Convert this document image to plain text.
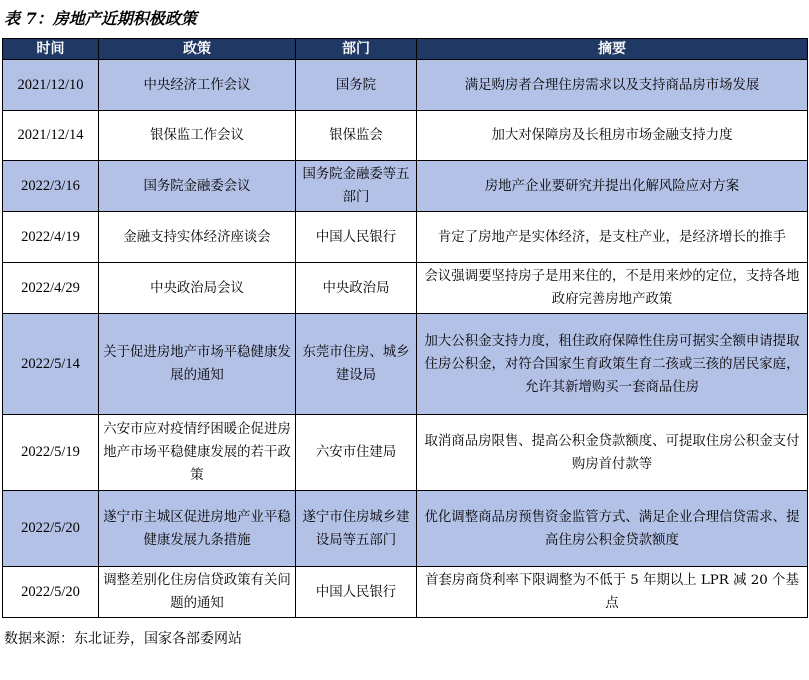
表 7：房地产近期积极政策
时间	政策	部门	摘要
2021/12/10	中央经济工作会议	国务院	满足购房者合理住房需求以及支持商品房市场发展
2021/12/14	银保监工作会议	银保监会	加大对保障房及长租房市场金融支持力度
2022/3/16	国务院金融委会议	国务院金融委等五部门	房地产企业要研究并提出化解风险应对方案
2022/4/19	金融支持实体经济座谈会	中国人民银行	肯定了房地产是实体经济，是支柱产业，是经济增长的推手
2022/4/29	中央政治局会议	中央政治局	会议强调要坚持房子是用来住的，不是用来炒的定位，支持各地政府完善房地产政策
2022/5/14	关于促进房地产市场平稳健康发展的通知	东莞市住房、城乡建设局	加大公积金支持力度，租住政府保障性住房可据实全额申请提取住房公积金，对符合国家生育政策生育二孩或三孩的居民家庭，允许其新增购买一套商品住房
2022/5/19	六安市应对疫情纾困暖企促进房地产市场平稳健康发展的若干政策	六安市住建局	取消商品房限售、提高公积金贷款额度、可提取住房公积金支付购房首付款等
2022/5/20	遂宁市主城区促进房地产业平稳健康发展九条措施	遂宁市住房城乡建设局等五部门	优化调整商品房预售资金监管方式、满足企业合理信贷需求、提高住房公积金贷款额度
2022/5/20	调整差别化住房信贷政策有关问题的通知	中国人民银行	首套房商贷利率下限调整为不低于 5 年期以上 LPR 减 20 个基点
数据来源：东北证券，国家各部委网站
